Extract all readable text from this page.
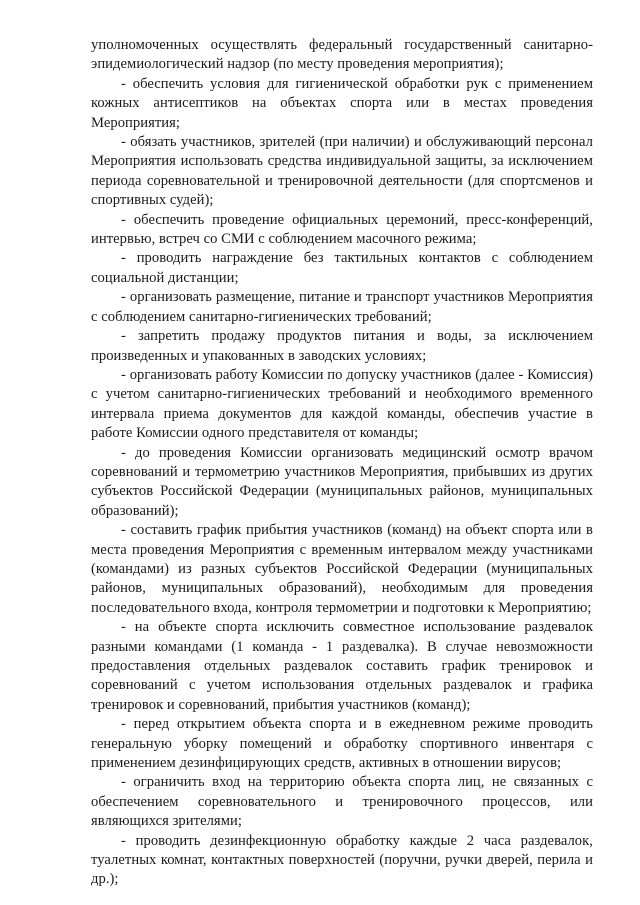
уполномоченных осуществлять федеральный государственный санитарно-эпидемиологический надзор (по месту проведения мероприятия);

- обеспечить условия для гигиенической обработки рук с применением кожных антисептиков на объектах спорта или в местах проведения Мероприятия;

- обязать участников, зрителей (при наличии) и обслуживающий персонал Мероприятия использовать средства индивидуальной защиты, за исключением периода соревновательной и тренировочной деятельности (для спортсменов и спортивных судей);

- обеспечить проведение официальных церемоний, пресс-конференций, интервью, встреч со СМИ с соблюдением масочного режима;

- проводить награждение без тактильных контактов с соблюдением социальной дистанции;

- организовать размещение, питание и транспорт участников Мероприятия с соблюдением санитарно-гигиенических требований;

- запретить продажу продуктов питания и воды, за исключением произведенных и упакованных в заводских условиях;

- организовать работу Комиссии по допуску участников (далее - Комиссия) с учетом санитарно-гигиенических требований и необходимого временного интервала приема документов для каждой команды, обеспечив участие в работе Комиссии одного представителя от команды;

- до проведения Комиссии организовать медицинский осмотр врачом соревнований и термометрию участников Мероприятия, прибывших из других субъектов Российской Федерации (муниципальных районов, муниципальных образований);

- составить график прибытия участников (команд) на объект спорта или в места проведения Мероприятия с временным интервалом между участниками (командами) из разных субъектов Российской Федерации (муниципальных районов, муниципальных образований), необходимым для проведения последовательного входа, контроля термометрии и подготовки к Мероприятию;

- на объекте спорта исключить совместное использование раздевалок разными командами (1 команда - 1 раздевалка). В случае невозможности предоставления отдельных раздевалок составить график тренировок и соревнований с учетом использования отдельных раздевалок и графика тренировок и соревнований, прибытия участников (команд);

- перед открытием объекта спорта и в ежедневном режиме проводить генеральную уборку помещений и обработку спортивного инвентаря с применением дезинфицирующих средств, активных в отношении вирусов;

- ограничить вход на территорию объекта спорта лиц, не связанных с обеспечением соревновательного и тренировочного процессов, или являющихся зрителями;

- проводить дезинфекционную обработку каждые 2 часа раздевалок, туалетных комнат, контактных поверхностей (поручни, ручки дверей, перила и др.);
